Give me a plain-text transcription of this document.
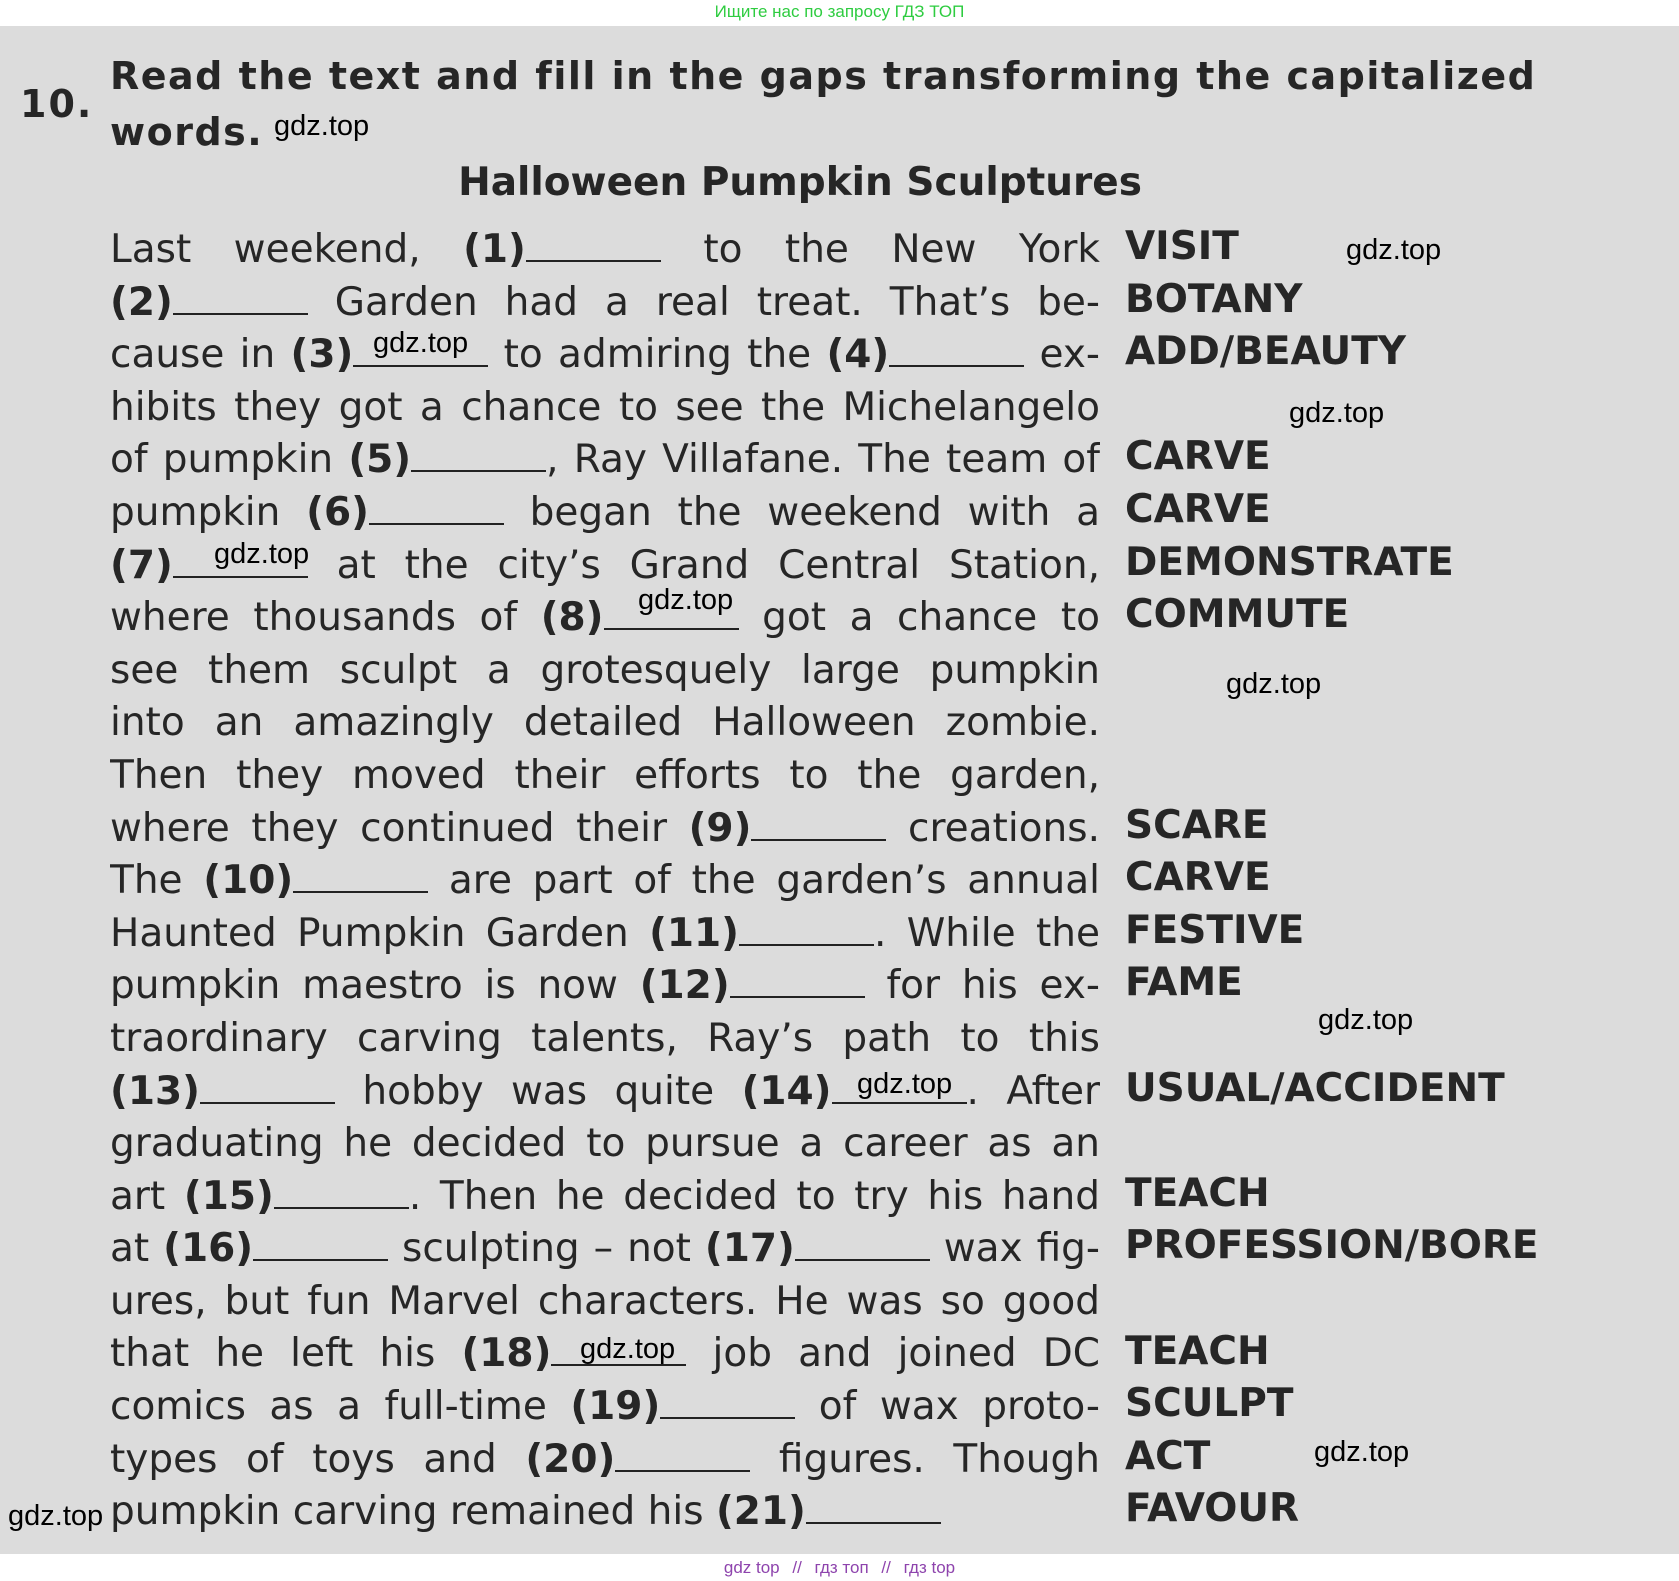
Ищите нас по запросу ГДЗ ТОП
10.
Read the text and fill in the gaps transforming the capitalized words.
Halloween Pumpkin Sculptures
Last weekend, (1)	to the New York
(2)	Garden had a real treat. That’s be-
cause in (3)	to admiring the (4)	ex-
hibits they got a chance to see the Michelangelo
of pumpkin (5)	, Ray Villafane. The team of
pumpkin (6)	began the weekend with a
(7)	at the city’s Grand Central Station,
where thousands of (8)	got a chance to
see them sculpt a grotesquely large pumpkin
into an amazingly detailed Halloween zombie.
Then they moved their efforts to the garden,
where they continued their (9)	creations.
The (10)	are part of the garden’s annual
Haunted Pumpkin Garden (11)	. While the
pumpkin maestro is now (12)	for his ex-
traordinary carving talents, Ray’s path to this
(13)	hobby was quite (14)	. After
graduating he decided to pursue a career as an
art (15)	. Then he decided to try his hand
at (16)	sculpting – not (17)	wax fig-
ures, but fun Marvel characters. He was so good
that he left his (18)	job and joined DC
comics as a full-time (19)	of wax proto-
types of toys and (20)	figures. Though
pumpkin carving remained his (21)
VISIT
BOTANY
ADD/BEAUTY
CARVE
CARVE
DEMONSTRATE
COMMUTE
SCARE
CARVE
FESTIVE
FAME
USUAL/ACCIDENT
TEACH
PROFESSION/BORE
TEACH
SCULPT
ACT
FAVOUR
gdz.top
gdz.top
gdz.top
gdz.top
gdz.top
gdz.top
gdz.top
gdz.top
gdz.top
gdz.top
gdz.top
gdz.top
gdz top // гдз топ // гдз top
